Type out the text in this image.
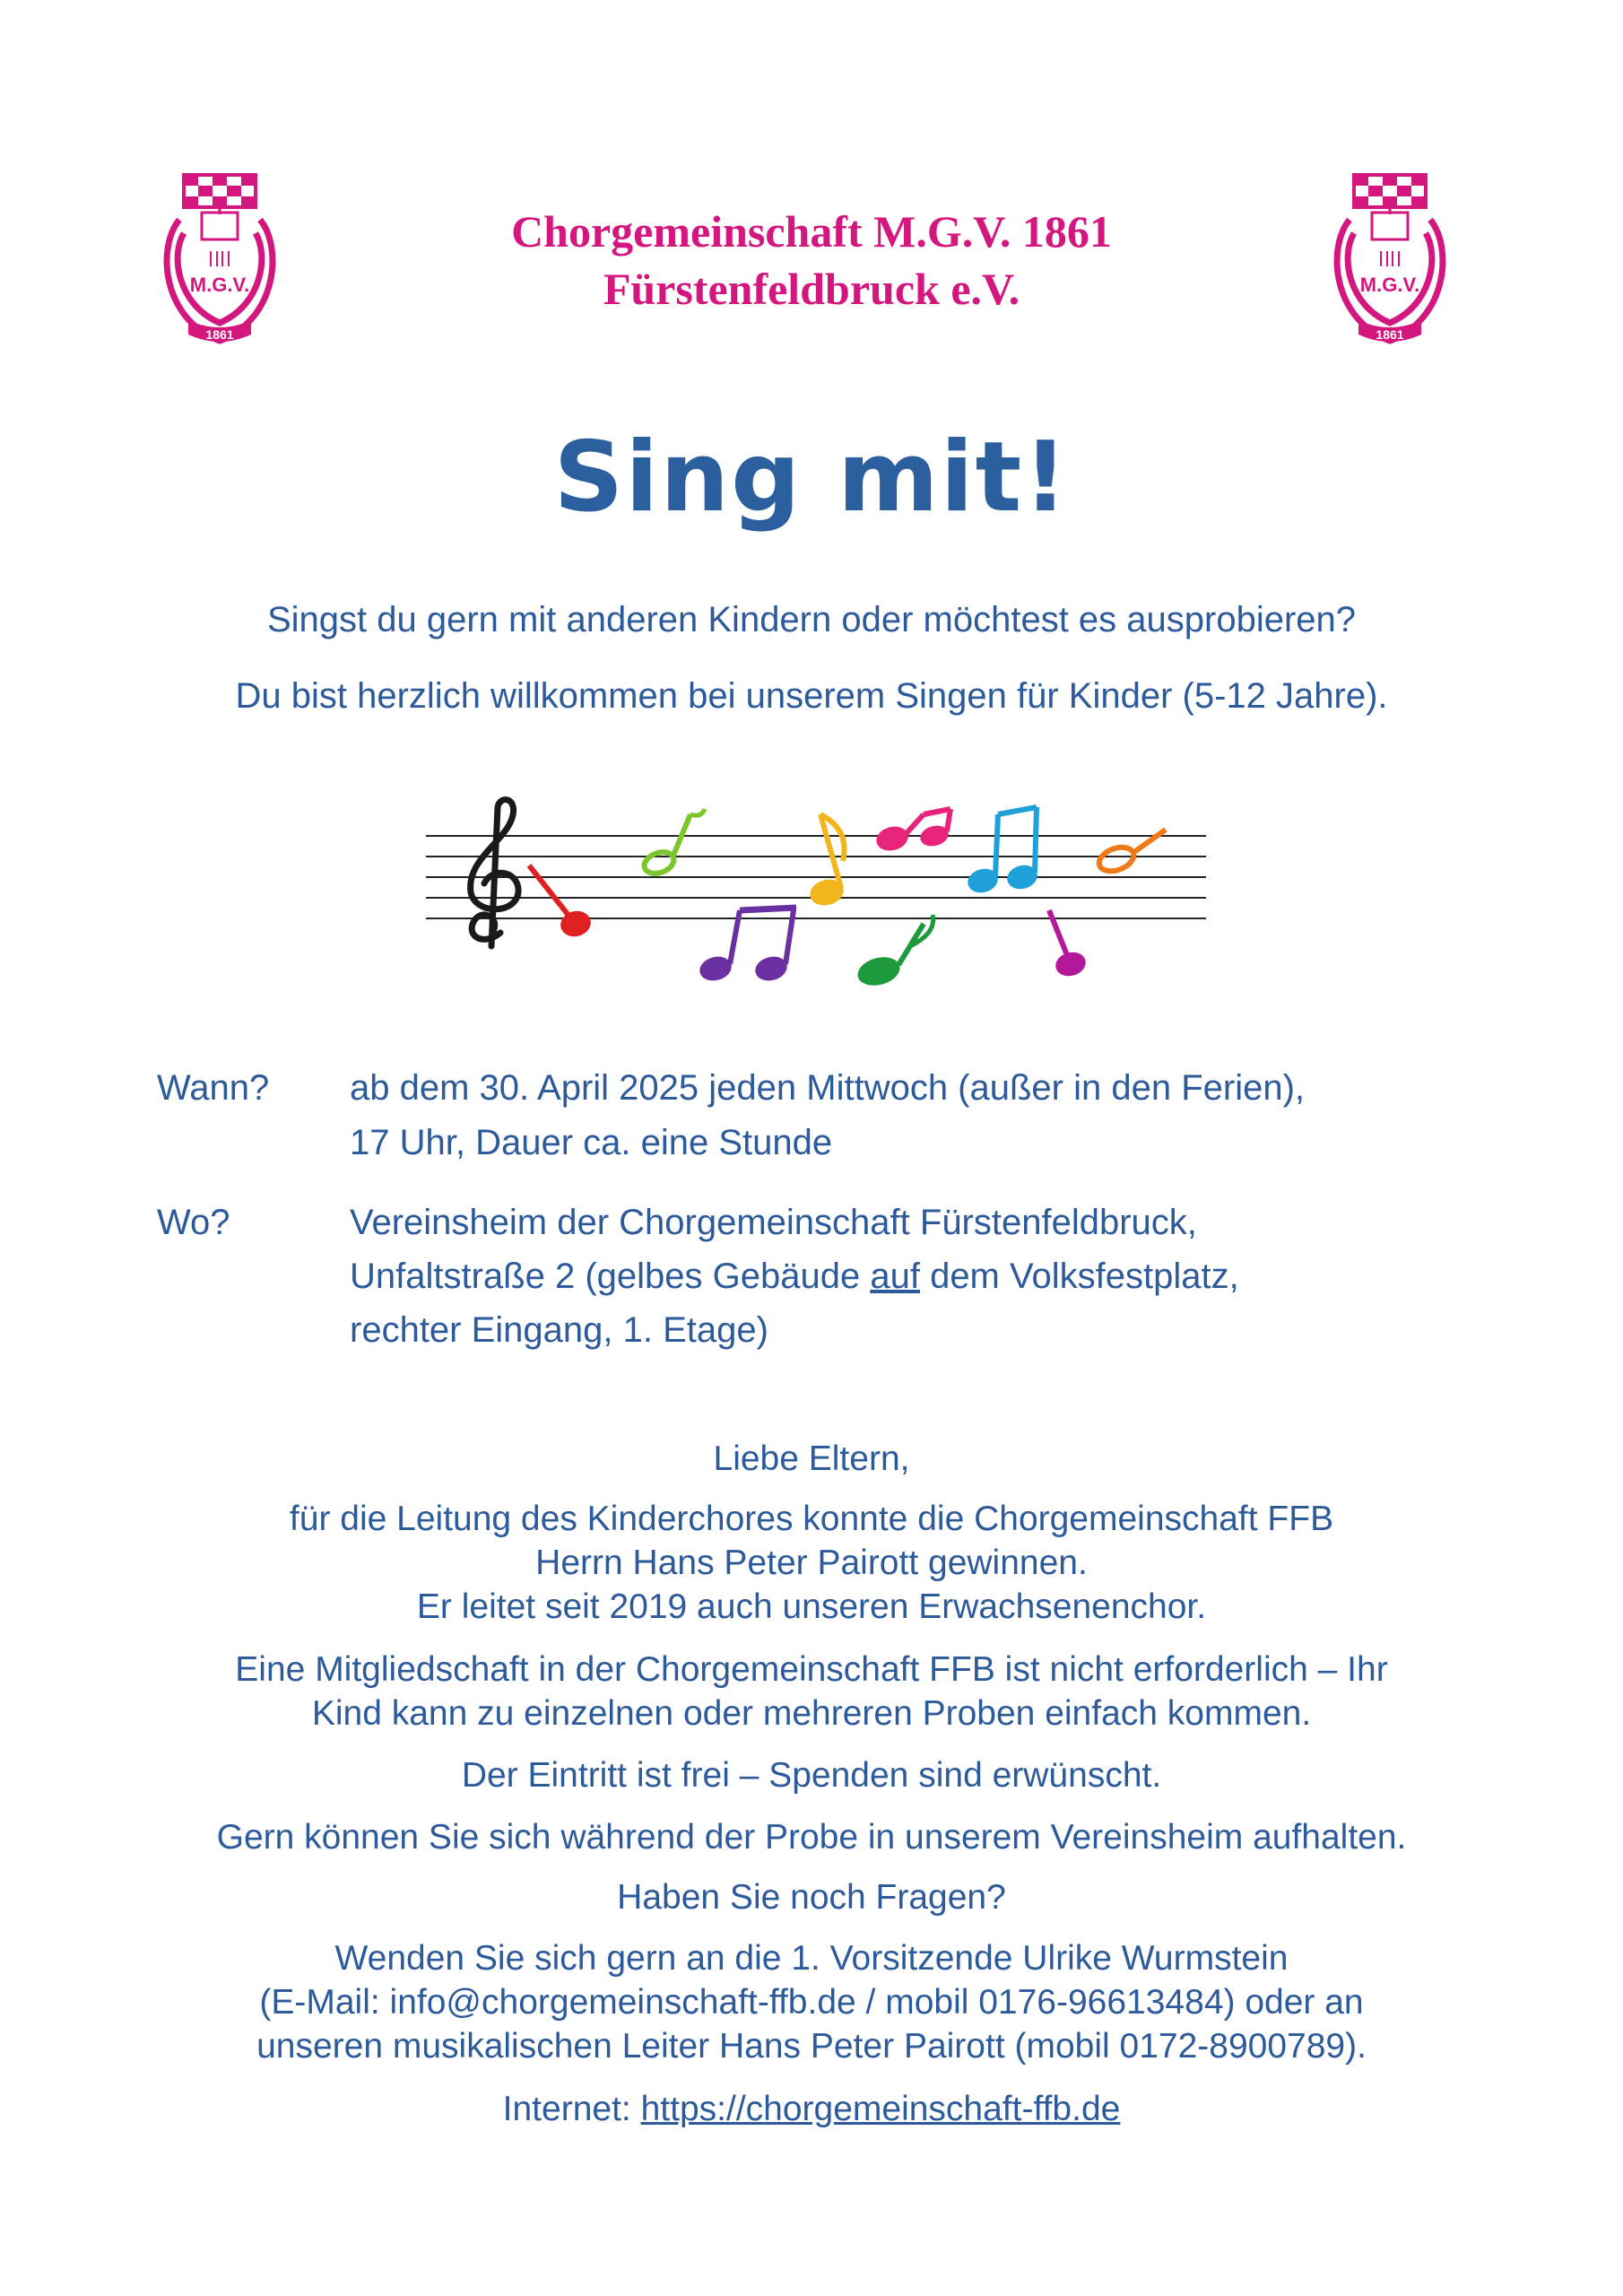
M.G.V.
1861
M.G.V.
1861
Chorgemeinschaft M.G.V. 1861
Fürstenfeldbruck e.V.
Sing mit!
Singst du gern mit anderen Kindern oder möchtest es ausprobieren?
Du bist herzlich willkommen bei unserem Singen für Kinder (5-12 Jahre).
Wann? ab dem 30. April 2025 jeden Mittwoch (außer in den Ferien),
17 Uhr, Dauer ca. eine Stunde
Wo?	Vereinsheim der Chorgemeinschaft Fürstenfeldbruck,
Unfaltstraße 2 (gelbes Gebäude auf dem Volksfestplatz,
rechter Eingang, 1. Etage)
Liebe Eltern,
für die Leitung des Kinderchores konnte die Chorgemeinschaft FFB
Herrn Hans Peter Pairott gewinnen.
Er leitet seit 2019 auch unseren Erwachsenenchor.
Eine Mitgliedschaft in der Chorgemeinschaft FFB ist nicht erforderlich – Ihr
Kind kann zu einzelnen oder mehreren Proben einfach kommen.
Der Eintritt ist frei – Spenden sind erwünscht.
Gern können Sie sich während der Probe in unserem Vereinsheim aufhalten.
Haben Sie noch Fragen?
Wenden Sie sich gern an die 1. Vorsitzende Ulrike Wurmstein
(E-Mail: info@chorgemeinschaft-ffb.de / mobil 0176-96613484) oder an
unseren musikalischen Leiter Hans Peter Pairott (mobil 0172-8900789).
Internet: https://chorgemeinschaft-ffb.de
